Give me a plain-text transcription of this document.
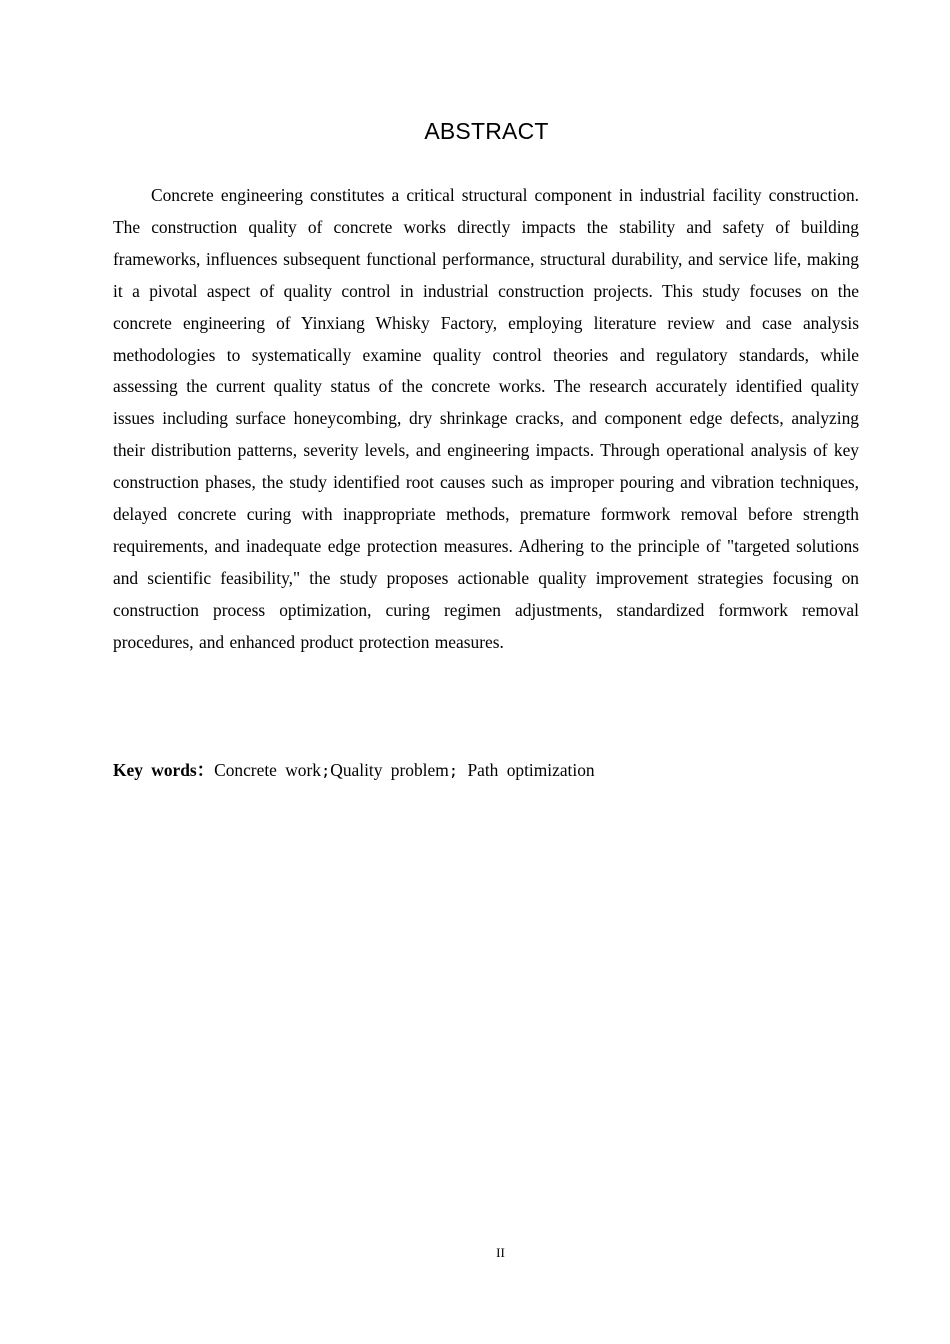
ABSTRACT

Concrete engineering constitutes a critical structural component in industrial facility construction. The construction quality of concrete works directly impacts the stability and safety of building frameworks, influences subsequent functional performance, structural durability, and service life, making it a pivotal aspect of quality control in industrial construction projects. This study focuses on the concrete engineering of Yinxiang Whisky Factory, employing literature review and case analysis methodologies to systematically examine quality control theories and regulatory standards, while assessing the current quality status of the concrete works. The research accurately identified quality issues including surface honeycombing, dry shrinkage cracks, and component edge defects, analyzing their distribution patterns, severity levels, and engineering impacts. Through operational analysis of key construction phases, the study identified root causes such as improper pouring and vibration techniques, delayed concrete curing with inappropriate methods, premature formwork removal before strength requirements, and inadequate edge protection measures. Adhering to the principle of "targeted solutions and scientific feasibility," the study proposes actionable quality improvement strategies focusing on construction process optimization, curing regimen adjustments, standardized formwork removal procedures, and enhanced product protection measures.

Key words：Concrete work;Quality problem; Path optimization

II
